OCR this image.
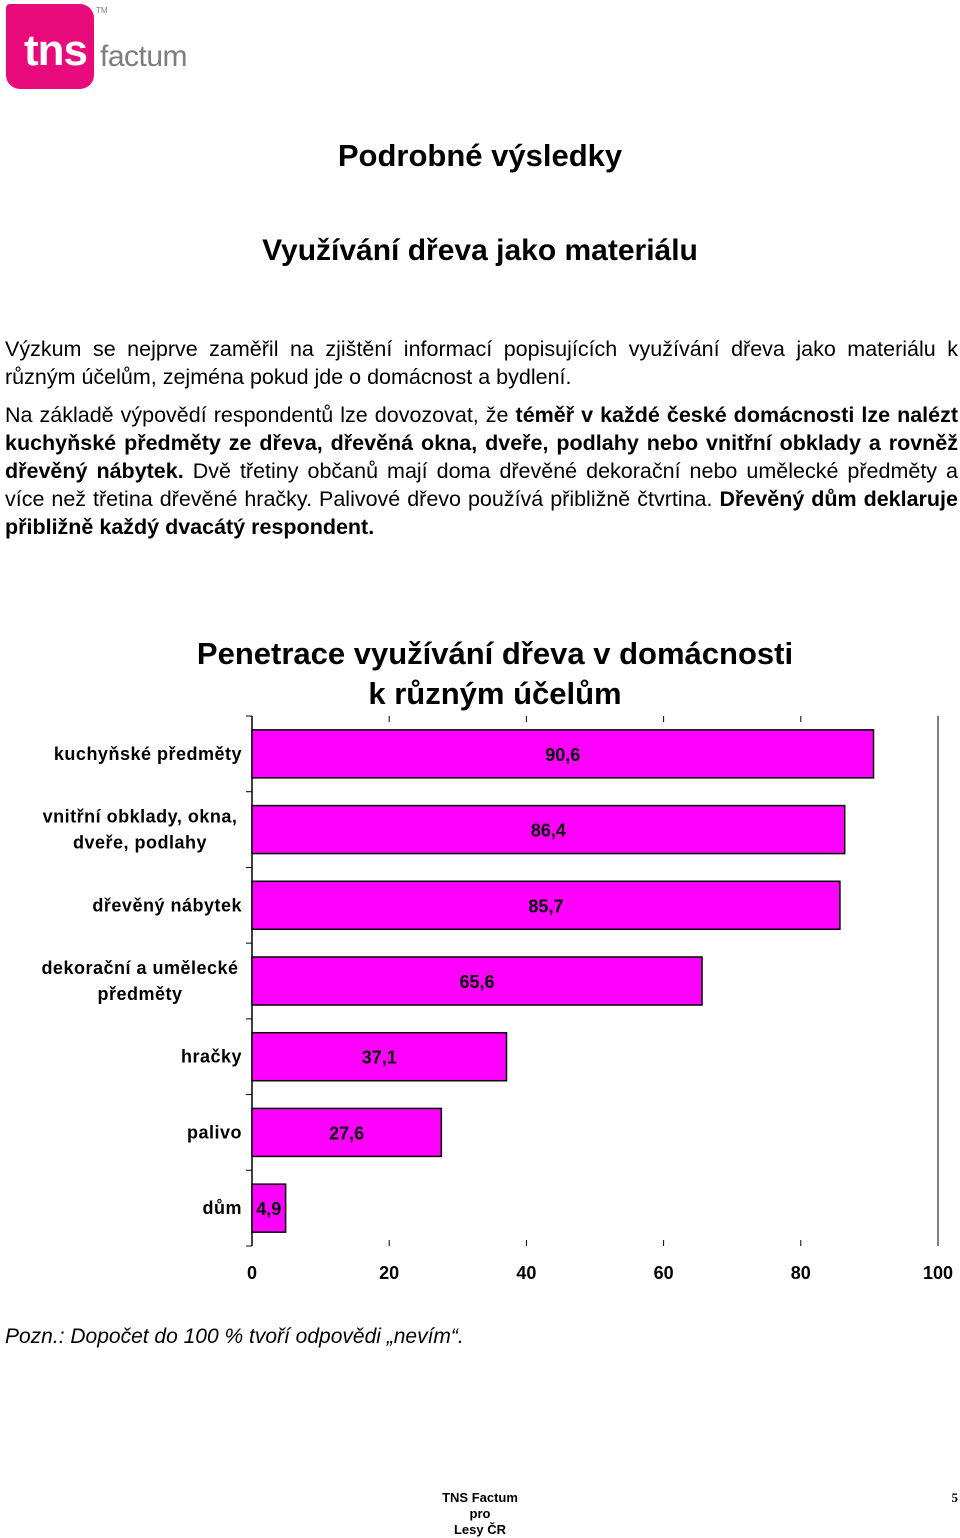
tns
TM
factum
Podrobné výsledky
Využívání dřeva jako materiálu

Výzkum se nejprve zaměřil na zjištění informací popisujících využívání dřeva jako materiálu k různým účelům, zejména pokud jde o domácnost a bydlení.

Na základě výpovědí respondentů lze dovozovat, že téměř v každé české domácnosti lze nalézt kuchyňské předměty ze dřeva, dřevěná okna, dveře, podlahy nebo vnitřní obklady a rovněž dřevěný nábytek. Dvě třetiny občanů mají doma dřevěné dekorační nebo umělecké předměty a více než třetina dřevěné hračky. Palivové dřevo používá přibližně čtvrtina. Dřevěný dům deklaruje přibližně každý dvacátý respondent.

Penetrace využívání dřeva v domácnosti
k různým účelům
0	20	40	60	80	100
90,6
kuchyňské předměty
86,4
vnitřní obklady, okna,
dveře, podlahy
85,7
dřevěný nábytek
65,6
dekorační a umělecké
předměty
37,1
hračky
27,6
palivo
4,9
dům
Pozn.: Dopočet do 100 % tvoří odpovědi „nevím“.
TNS Factum
pro
Lesy ČR
5
